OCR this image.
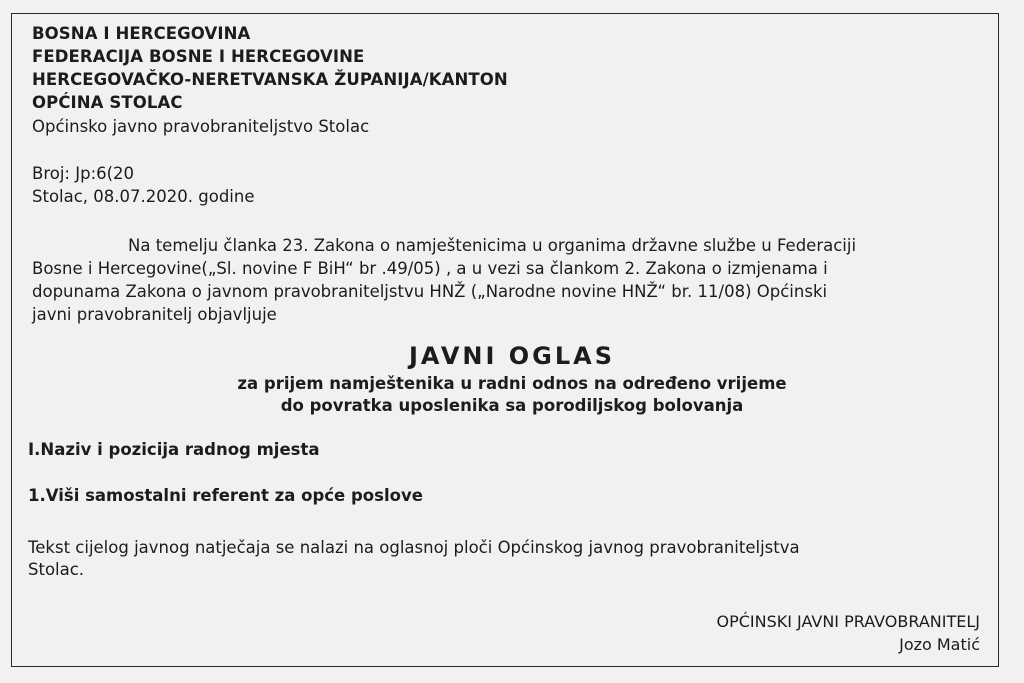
BOSNA I HERCEGOVINA
FEDERACIJA BOSNE I HERCEGOVINE
HERCEGOVAČKO-NERETVANSKA ŽUPANIJA/KANTON
OPĆINA STOLAC
Općinsko javno pravobraniteljstvo Stolac
Broj: Jp:6(20
Stolac, 08.07.2020. godine
Na temelju članka 23. Zakona o namještenicima u organima državne službe u Federaciji
Bosne i Hercegovine(„Sl. novine F BiH“ br .49/05) , a u vezi sa člankom 2. Zakona o izmjenama i
dopunama Zakona o javnom pravobraniteljstvu HNŽ („Narodne novine HNŽ“ br. 11/08) Općinski
javni pravobranitelj objavljuje
JAVNI OGLAS
za prijem namještenika u radni odnos na određeno vrijeme
do povratka uposlenika sa porodiljskog bolovanja
I.Naziv i pozicija radnog mjesta
1.Viši samostalni referent za opće poslove
Tekst cijelog javnog natječaja se nalazi na oglasnoj ploči Općinskog javnog pravobraniteljstva
Stolac.
OPĆINSKI JAVNI PRAVOBRANITELJ
Jozo Matić
